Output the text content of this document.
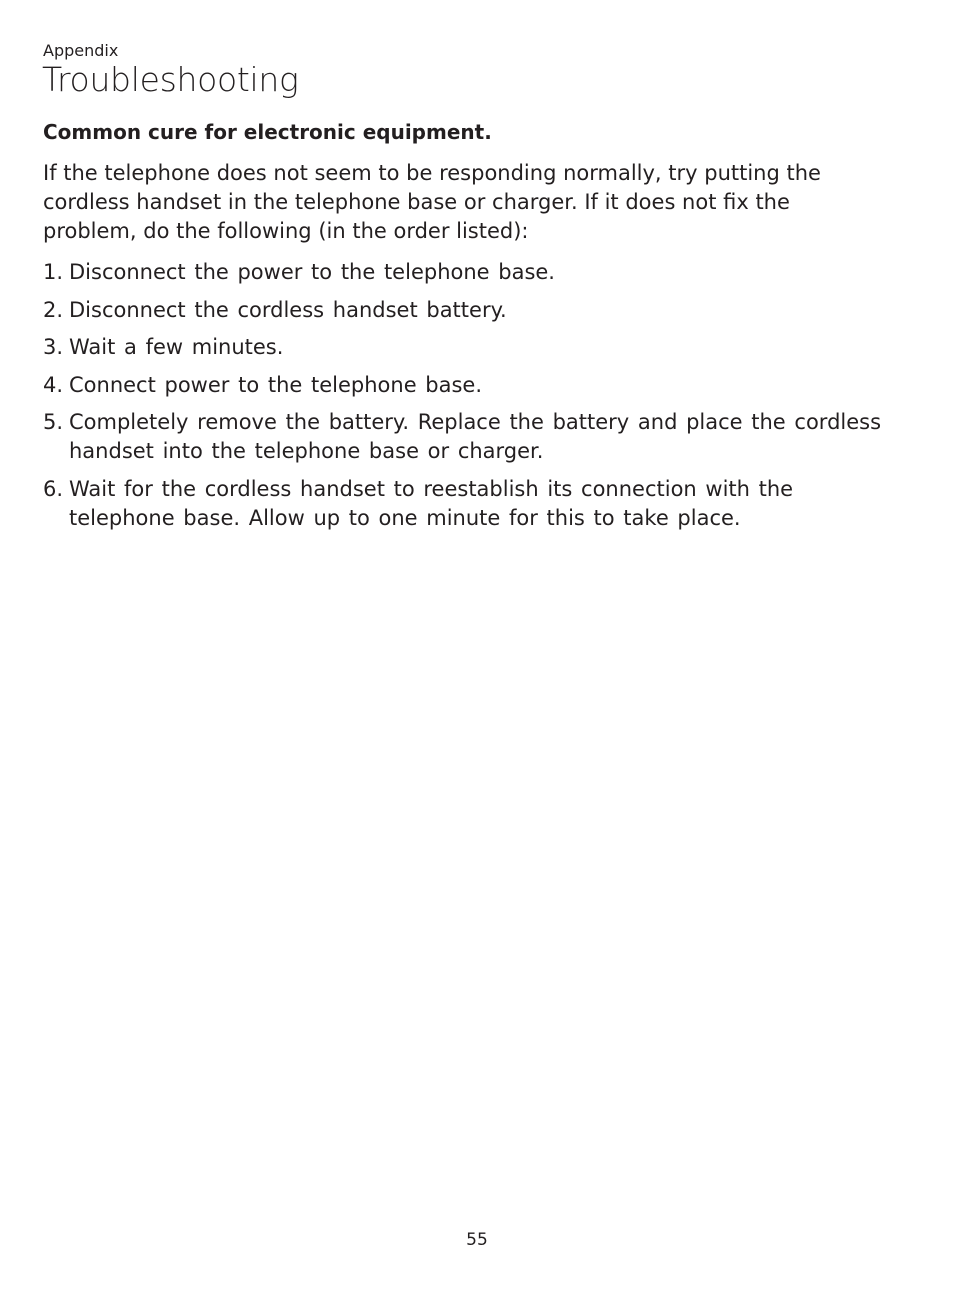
Appendix
Troubleshooting
Common cure for electronic equipment.

If the telephone does not seem to be responding normally, try putting the cordless handset in the telephone base or charger. If it does not fix the problem, do the following (in the order listed):

1. Disconnect the power to the telephone base.
2. Disconnect the cordless handset battery.
3. Wait a few minutes.
4. Connect power to the telephone base.
5. Completely remove the battery. Replace the battery and place the cordless handset into the telephone base or charger.
6. Wait for the cordless handset to reestablish its connection with the telephone base. Allow up to one minute for this to take place.
55
